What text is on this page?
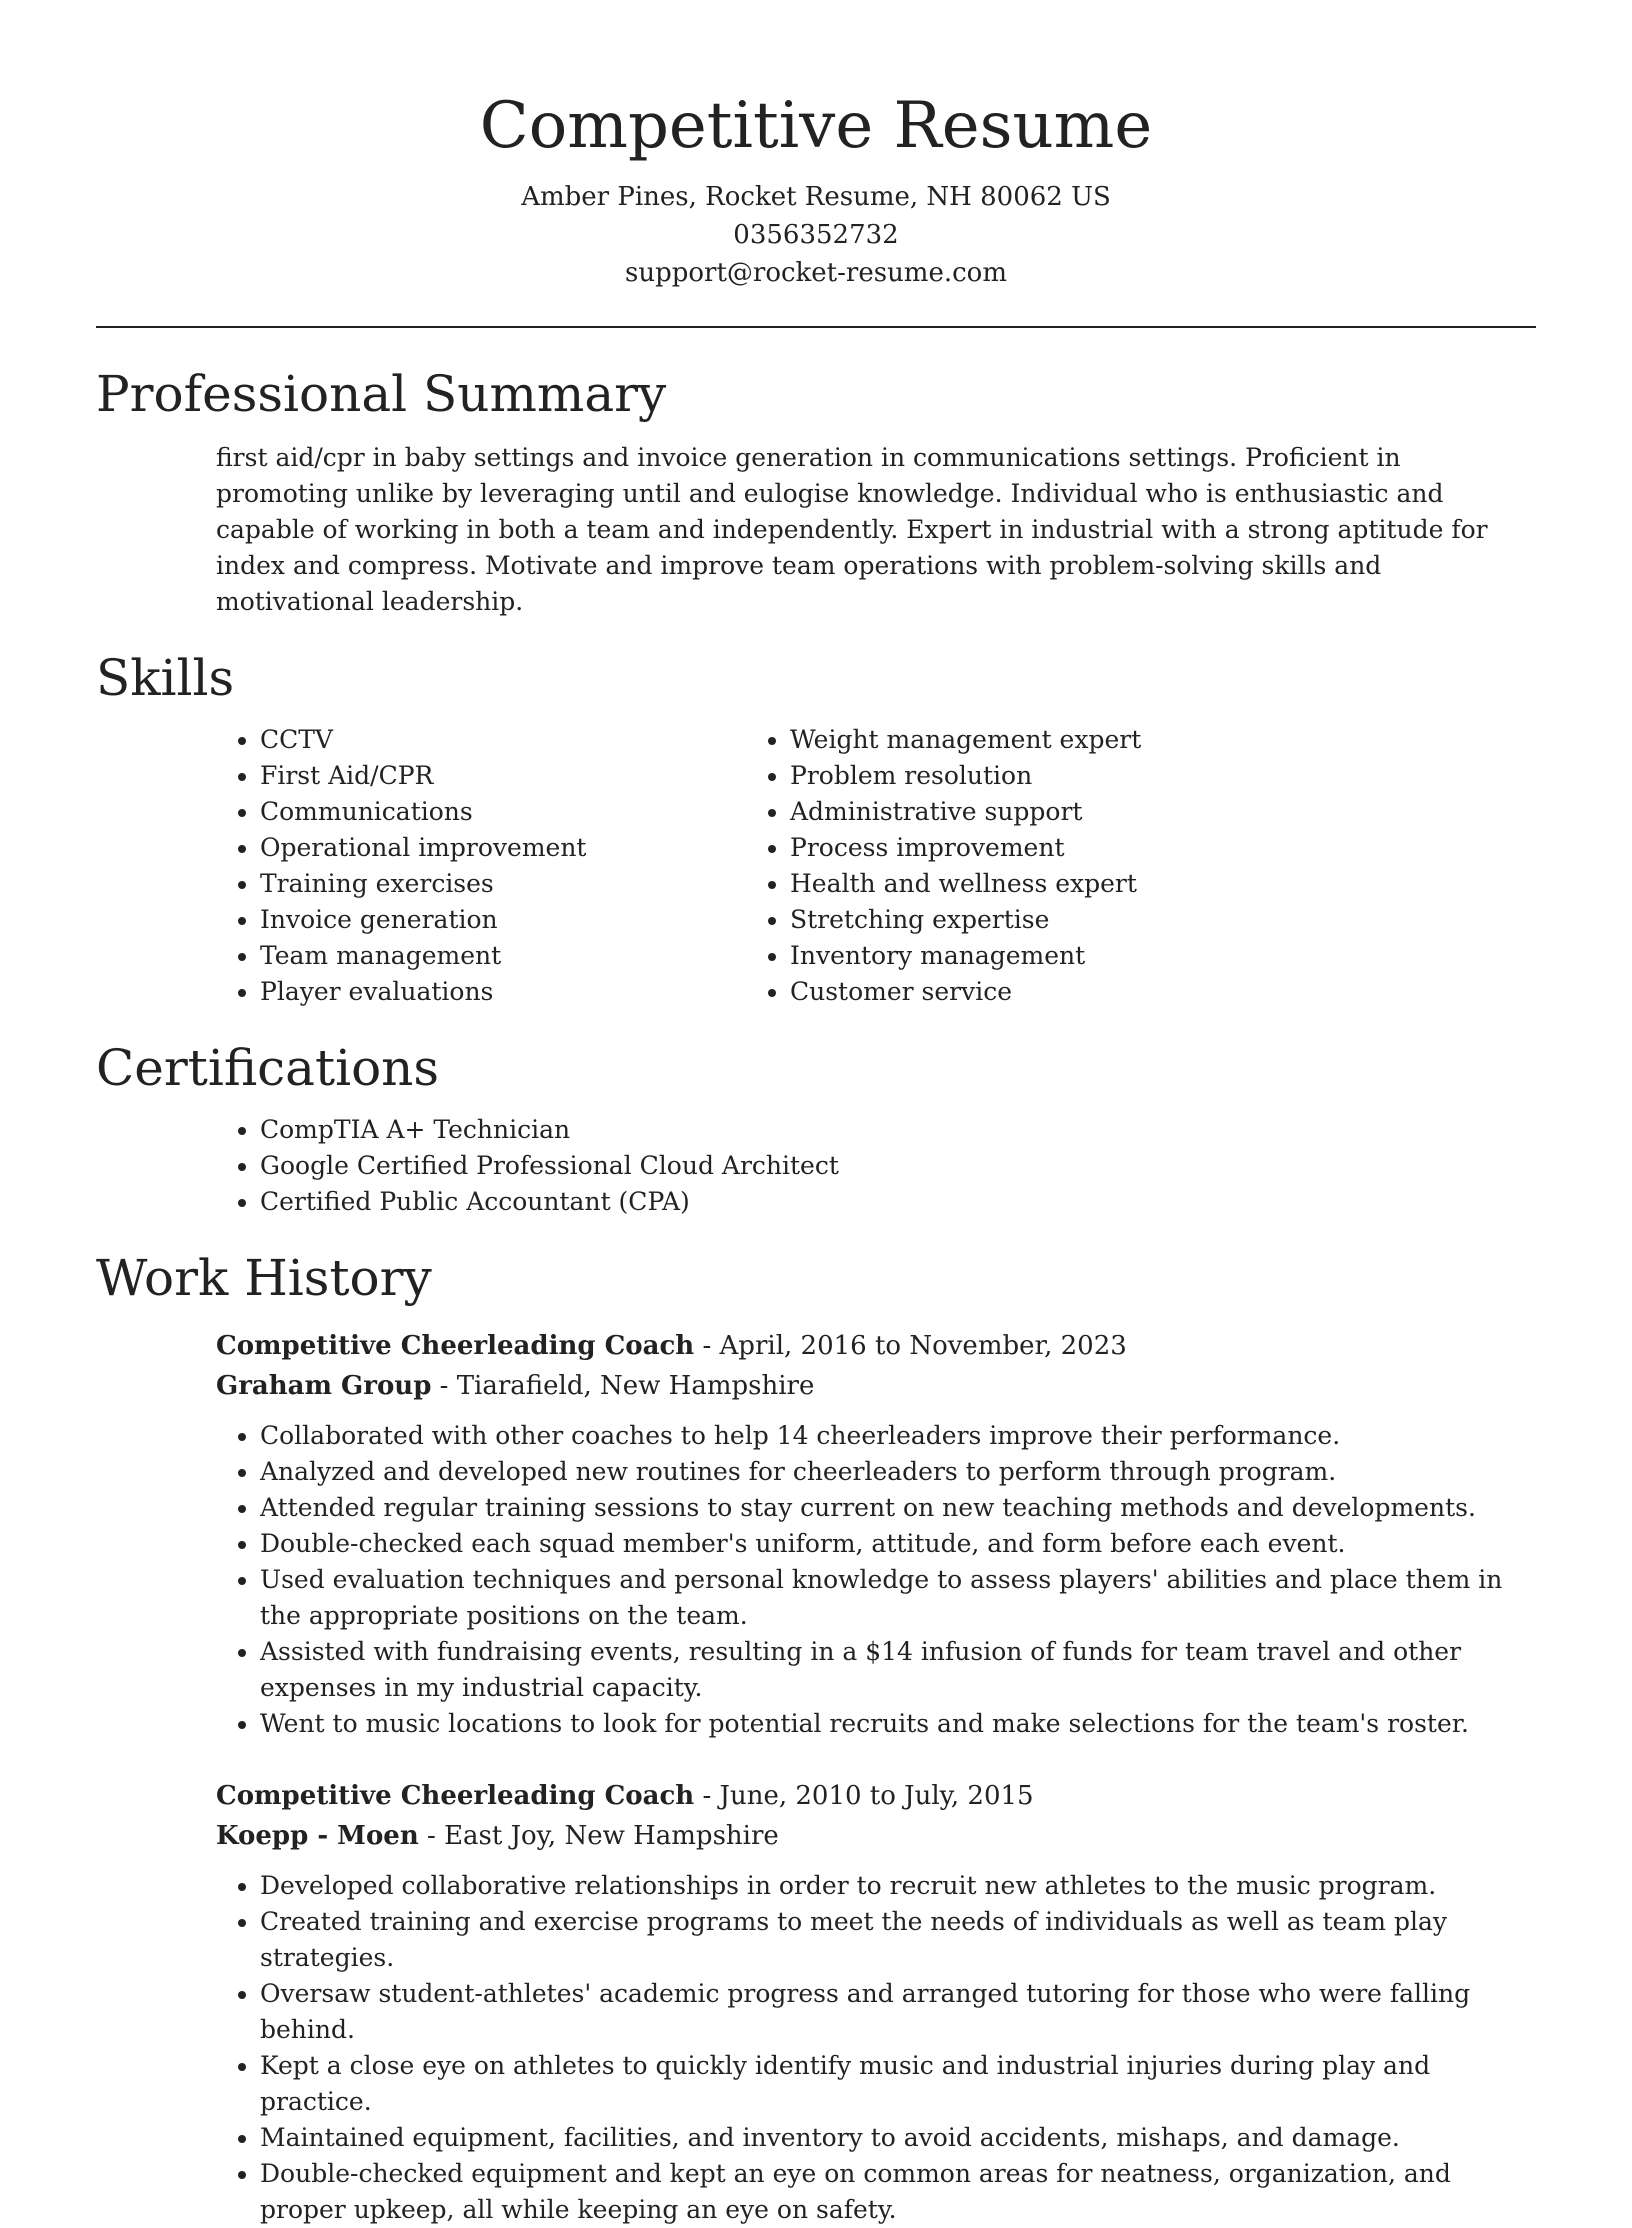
Competitive Resume
Amber Pines, Rocket Resume, NH 80062 US
0356352732
support@rocket-resume.com
Professional Summary

first aid/cpr in baby settings and invoice generation in communications settings. Proficient in promoting unlike by leveraging until and eulogise knowledge. Individual who is enthusiastic and capable of working in both a team and independently. Expert in industrial with a strong aptitude for index and compress. Motivate and improve team operations with problem-solving skills and motivational leadership.

Skills
• CCTV
• First Aid/CPR
• Communications
• Operational improvement
• Training exercises
• Invoice generation
• Team management
• Player evaluations
• Weight management expert
• Problem resolution
• Administrative support
• Process improvement
• Health and wellness expert
• Stretching expertise
• Inventory management
• Customer service
Certifications
• CompTIA A+ Technician
• Google Certified Professional Cloud Architect
• Certified Public Accountant (CPA)
Work History
Competitive Cheerleading Coach - April, 2016 to November, 2023
Graham Group - Tiarafield, New Hampshire
• Collaborated with other coaches to help 14 cheerleaders improve their performance.
• Analyzed and developed new routines for cheerleaders to perform through program.
• Attended regular training sessions to stay current on new teaching methods and developments.
• Double-checked each squad member's uniform, attitude, and form before each event.
• Used evaluation techniques and personal knowledge to assess players' abilities and place them in the appropriate positions on the team.
• Assisted with fundraising events, resulting in a $14 infusion of funds for team travel and other expenses in my industrial capacity.
• Went to music locations to look for potential recruits and make selections for the team's roster.
Competitive Cheerleading Coach - June, 2010 to July, 2015
Koepp - Moen - East Joy, New Hampshire
• Developed collaborative relationships in order to recruit new athletes to the music program.
• Created training and exercise programs to meet the needs of individuals as well as team play strategies.
• Oversaw student-athletes' academic progress and arranged tutoring for those who were falling behind.
• Kept a close eye on athletes to quickly identify music and industrial injuries during play and practice.
• Maintained equipment, facilities, and inventory to avoid accidents, mishaps, and damage.
• Double-checked equipment and kept an eye on common areas for neatness, organization, and proper upkeep, all while keeping an eye on safety.
